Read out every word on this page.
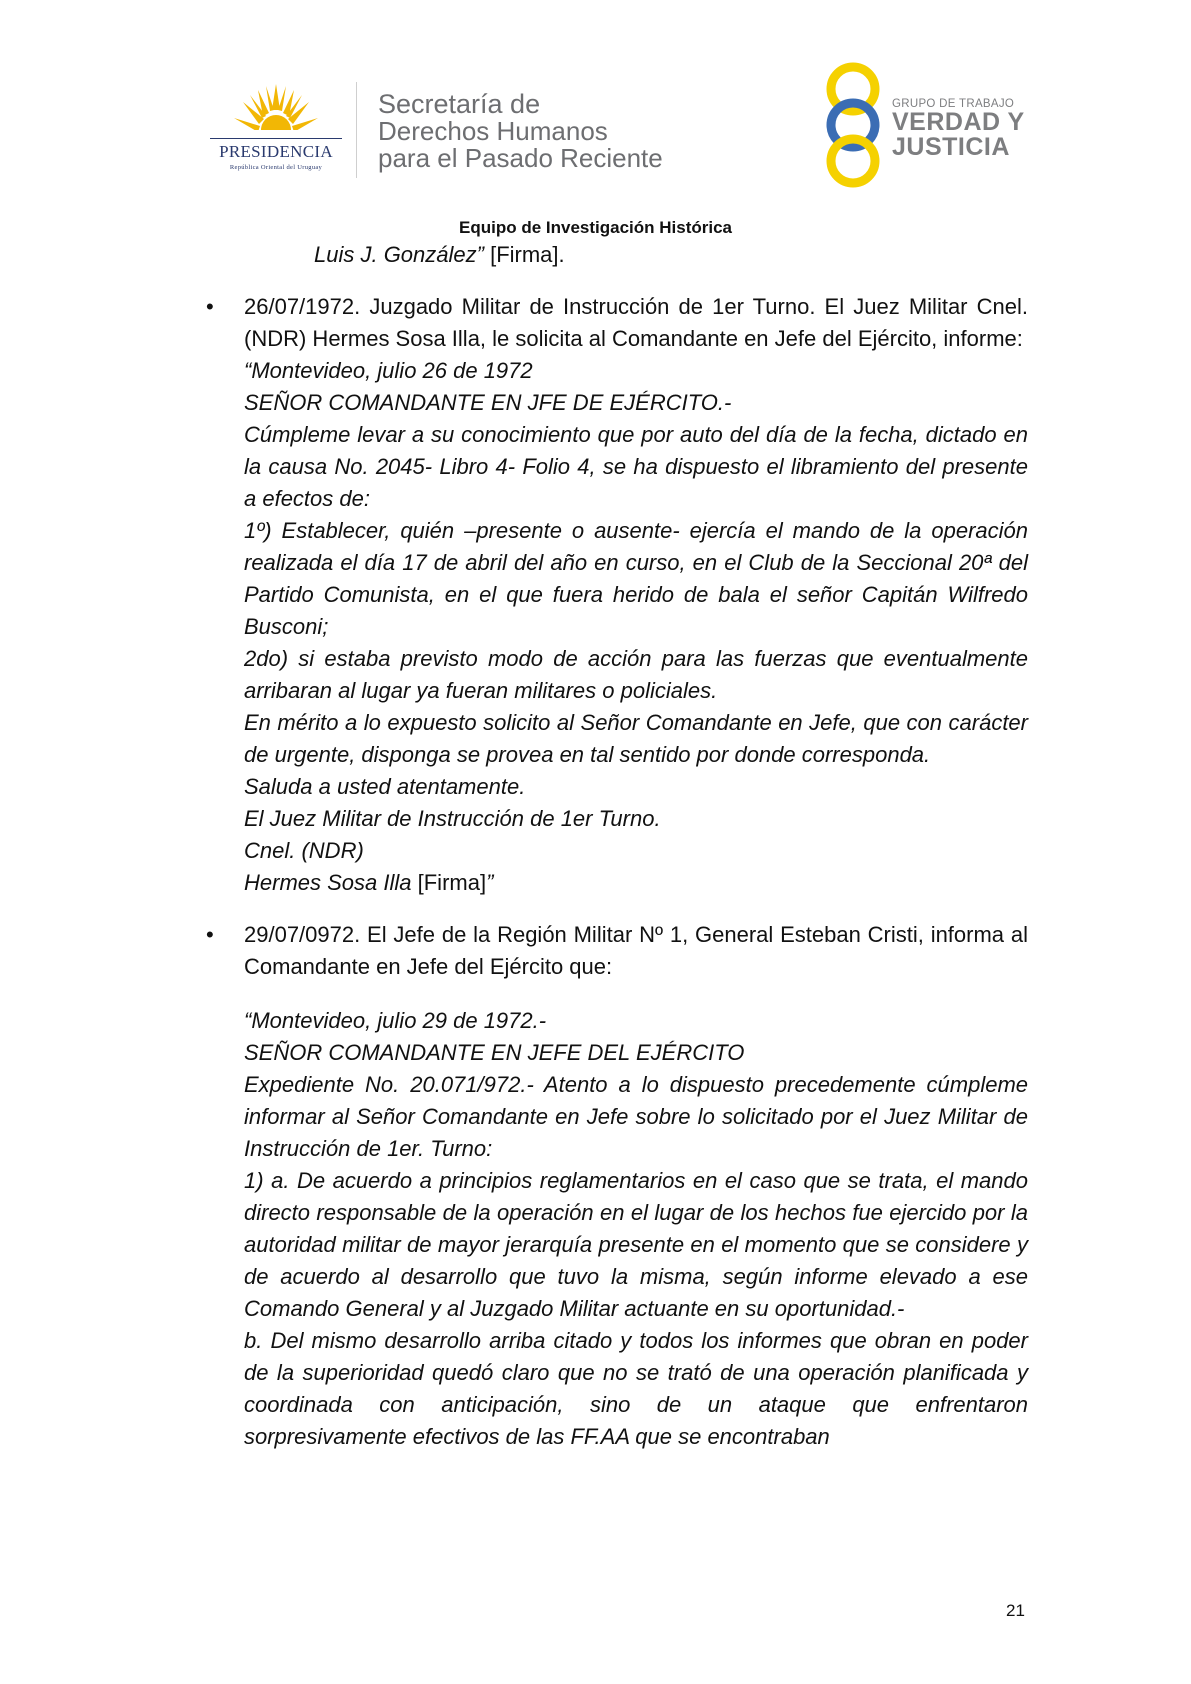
PRESIDENCIA
República Oriental del Uruguay
Secretaría de
Derechos Humanos
para el Pasado Reciente
GRUPO DE TRABAJO
VERDAD Y
JUSTICIA
Equipo de Investigación Histórica

Luis J. González” [Firma].

• 26/07/1972. Juzgado Militar de Instrucción de 1er Turno. El Juez Militar Cnel. (NDR) Hermes Sosa Illa, le solicita al Comandante en Jefe del Ejército, informe:

“Montevideo, julio 26 de 1972

SEÑOR COMANDANTE EN JFE DE EJÉRCITO.-

Cúmpleme levar a su conocimiento que por auto del día de la fecha, dictado en la causa No. 2045- Libro 4- Folio 4, se ha dispuesto el libramiento del presente a efectos de:

1º) Establecer, quién –presente o ausente- ejercía el mando de la operación realizada el día 17 de abril del año en curso, en el Club de la Seccional 20ª del Partido Comunista, en el que fuera herido de bala el señor Capitán Wilfredo Busconi;

2do) si estaba previsto modo de acción para las fuerzas que eventualmente arribaran al lugar ya fueran militares o policiales.

En mérito a lo expuesto solicito al Señor Comandante en Jefe, que con carácter de urgente, disponga se provea en tal sentido por donde corresponda.

Saluda a usted atentamente.

El Juez Militar de Instrucción de 1er Turno.

Cnel. (NDR)

Hermes Sosa Illa [Firma]”

• 29/07/0972. El Jefe de la Región Militar Nº 1, General Esteban Cristi, informa al Comandante en Jefe del Ejército que:

“Montevideo, julio 29 de 1972.-

SEÑOR COMANDANTE EN JEFE DEL EJÉRCITO

Expediente No. 20.071/972.- Atento a lo dispuesto precedemente cúmpleme informar al Señor Comandante en Jefe sobre lo solicitado por el Juez Militar de Instrucción de 1er. Turno:

1) a. De acuerdo a principios reglamentarios en el caso que se trata, el mando directo responsable de la operación en el lugar de los hechos fue ejercido por la autoridad militar de mayor jerarquía presente en el momento que se considere y de acuerdo al desarrollo que tuvo la misma, según informe elevado a ese Comando General y al Juzgado Militar actuante en su oportunidad.-

b. Del mismo desarrollo arriba citado y todos los informes que obran en poder de la superioridad quedó claro que no se trató de una operación planificada y coordinada con anticipación, sino de un ataque que enfrentaron sorpresivamente efectivos de las FF.AA que se encontraban

21
